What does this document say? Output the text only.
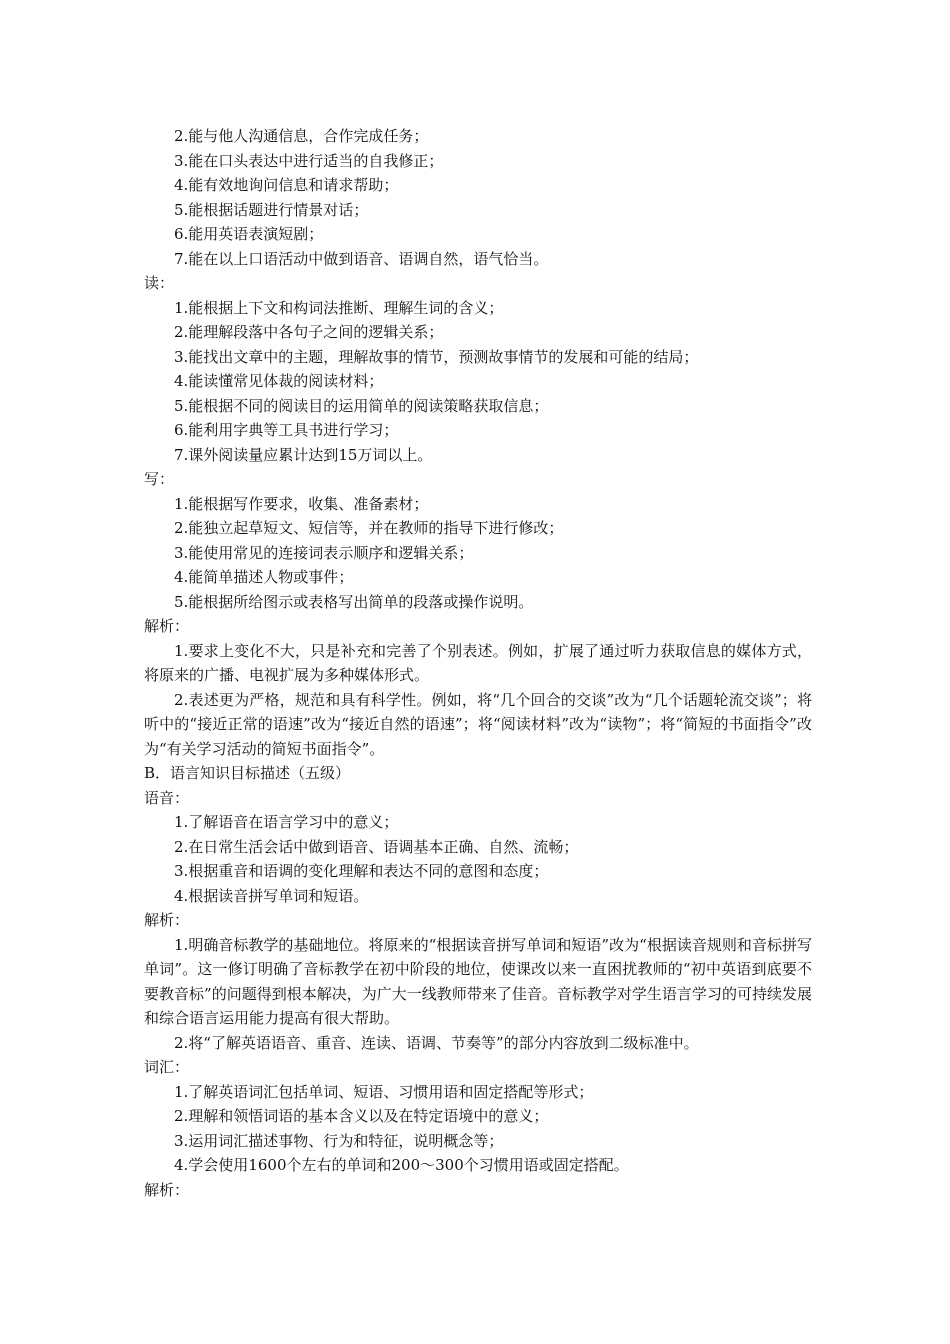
2.能与他人沟通信息，合作完成任务；

3.能在口头表达中进行适当的自我修正；

4.能有效地询问信息和请求帮助；

5.能根据话题进行情景对话；

6.能用英语表演短剧；

7.能在以上口语活动中做到语音、语调自然，语气恰当。

读：

1.能根据上下文和构词法推断、理解生词的含义；

2.能理解段落中各句子之间的逻辑关系；

3.能找出文章中的主题，理解故事的情节，预测故事情节的发展和可能的结局；

4.能读懂常见体裁的阅读材料；

5.能根据不同的阅读目的运用简单的阅读策略获取信息；

6.能利用字典等工具书进行学习；

7.课外阅读量应累计达到15万词以上。

写：

1.能根据写作要求，收集、准备素材；

2.能独立起草短文、短信等，并在教师的指导下进行修改；

3.能使用常见的连接词表示顺序和逻辑关系；

4.能简单描述人物或事件；

5.能根据所给图示或表格写出简单的段落或操作说明。

解析：

1.要求上变化不大，只是补充和完善了个别表述。例如，扩展了通过听力获取信息的媒体方式，将原来的广播、电视扩展为多种媒体形式。

2.表述更为严格，规范和具有科学性。例如，将“几个回合的交谈”改为“几个话题轮流交谈”；将听中的“接近正常的语速”改为“接近自然的语速”；将“阅读材料”改为“读物”；将“简短的书面指令”改为“有关学习活动的简短书面指令”。

B．语言知识目标描述（五级）

语音：

1.了解语音在语言学习中的意义；

2.在日常生活会话中做到语音、语调基本正确、自然、流畅；

3.根据重音和语调的变化理解和表达不同的意图和态度；

4.根据读音拼写单词和短语。

解析：

1.明确音标教学的基础地位。将原来的“根据读音拼写单词和短语”改为“根据读音规则和音标拼写单词”。这一修订明确了音标教学在初中阶段的地位，使课改以来一直困扰教师的“初中英语到底要不要教音标”的问题得到根本解决，为广大一线教师带来了佳音。音标教学对学生语言学习的可持续发展和综合语言运用能力提高有很大帮助。

2.将“了解英语语音、重音、连读、语调、节奏等”的部分内容放到二级标准中。

词汇：

1.了解英语词汇包括单词、短语、习惯用语和固定搭配等形式；

2.理解和领悟词语的基本含义以及在特定语境中的意义；

3.运用词汇描述事物、行为和特征，说明概念等；

4.学会使用1600个左右的单词和200～300个习惯用语或固定搭配。

解析：
